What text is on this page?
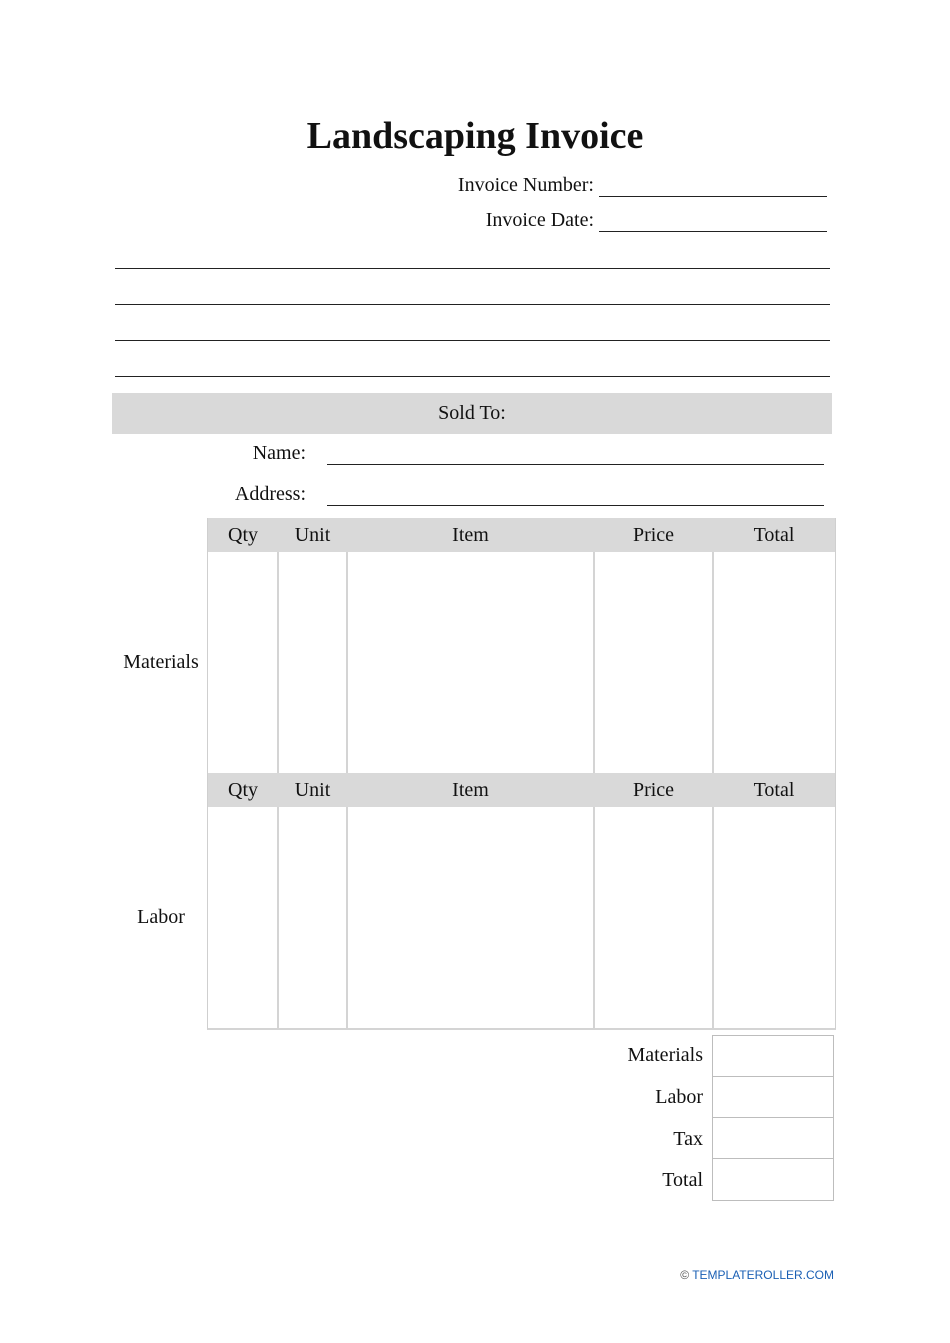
Landscaping Invoice
Invoice Number:
Invoice Date:
Sold To:
Name:
Address:
Qty	Unit	Item	Price	Total
Materials
Qty	Unit	Item	Price	Total
Labor
Materials
Labor
Tax
Total
© TEMPLATEROLLER.COM
